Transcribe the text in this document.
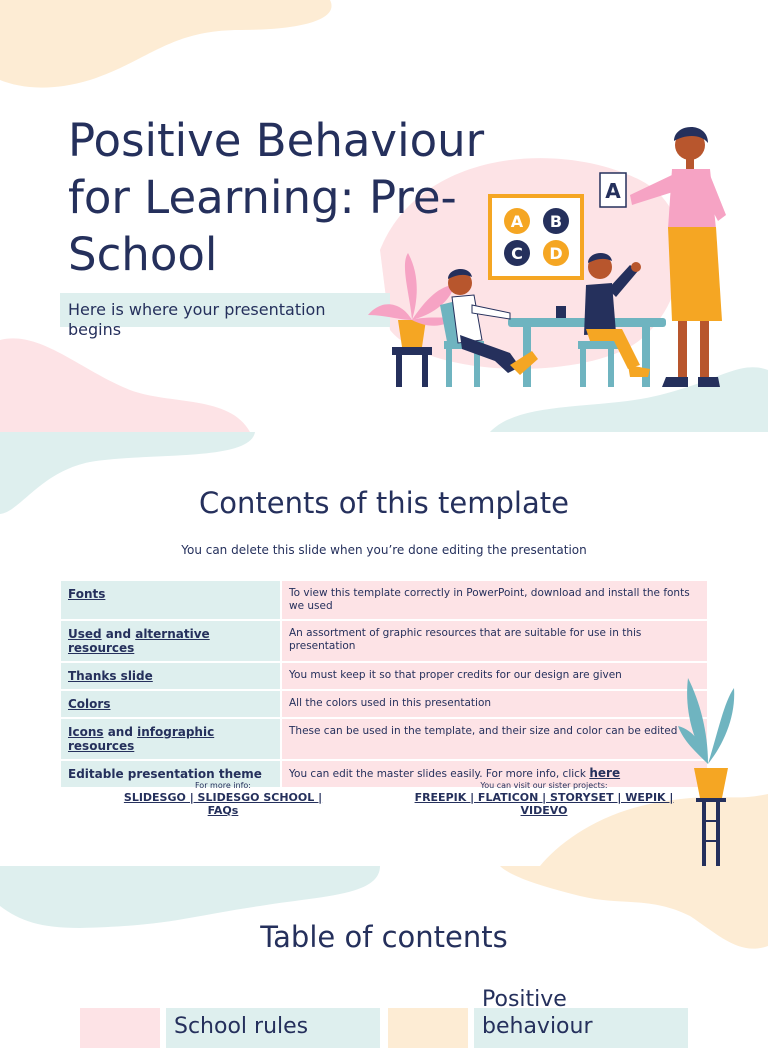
Positive Behaviour for Learning: Pre-School
Here is where your presentation begins
A B
C D
A
Contents of this template
You can delete this slide when you’re done editing the presentation
Fonts	To view this template correctly in PowerPoint, download and install the fonts we used
Used and alternative resources	An assortment of graphic resources that are suitable for use in this presentation
Thanks slide	You must keep it so that proper credits for our design are given
Colors	All the colors used in this presentation
Icons and infographic resources	These can be used in the template, and their size and color can be edited
Editable presentation theme	You can edit the master slides easily. For more info, click here
For more info:
SLIDESGO | SLIDESGO SCHOOL | FAQs
You can visit our sister projects:
FREEPIK | FLATICON | STORYSET | WEPIK | VIDEVO
Table of contents
School rules
Positive behaviour
